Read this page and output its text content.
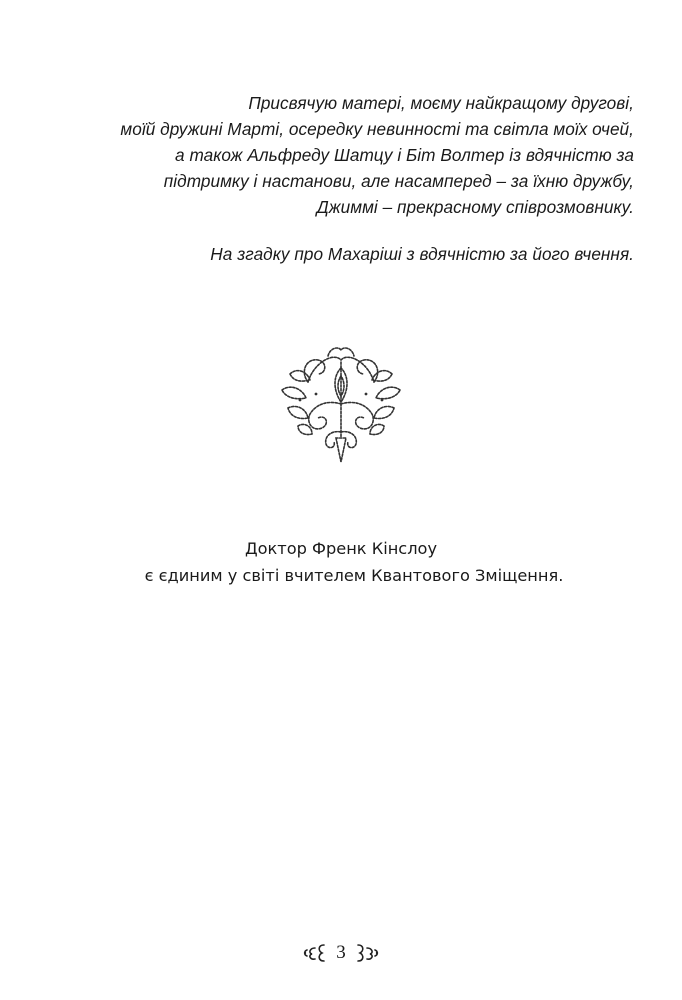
Присвячую матері, моєму найкращому другові,
моїй дружині Марті, осередку невинності та світла моїх очей,
а також Альфреду Шатцу і Біт Волтер із вдячністю за
підтримку і настанови, але насамперед – за їхню дружбу,
Джиммі – прекрасному співрозмовнику.
На згадку про Махаріші з вдячністю за його вчення.
Доктор Френк Кінслоу
є єдиним у світі вчителем Квантового Зміщення.
3
